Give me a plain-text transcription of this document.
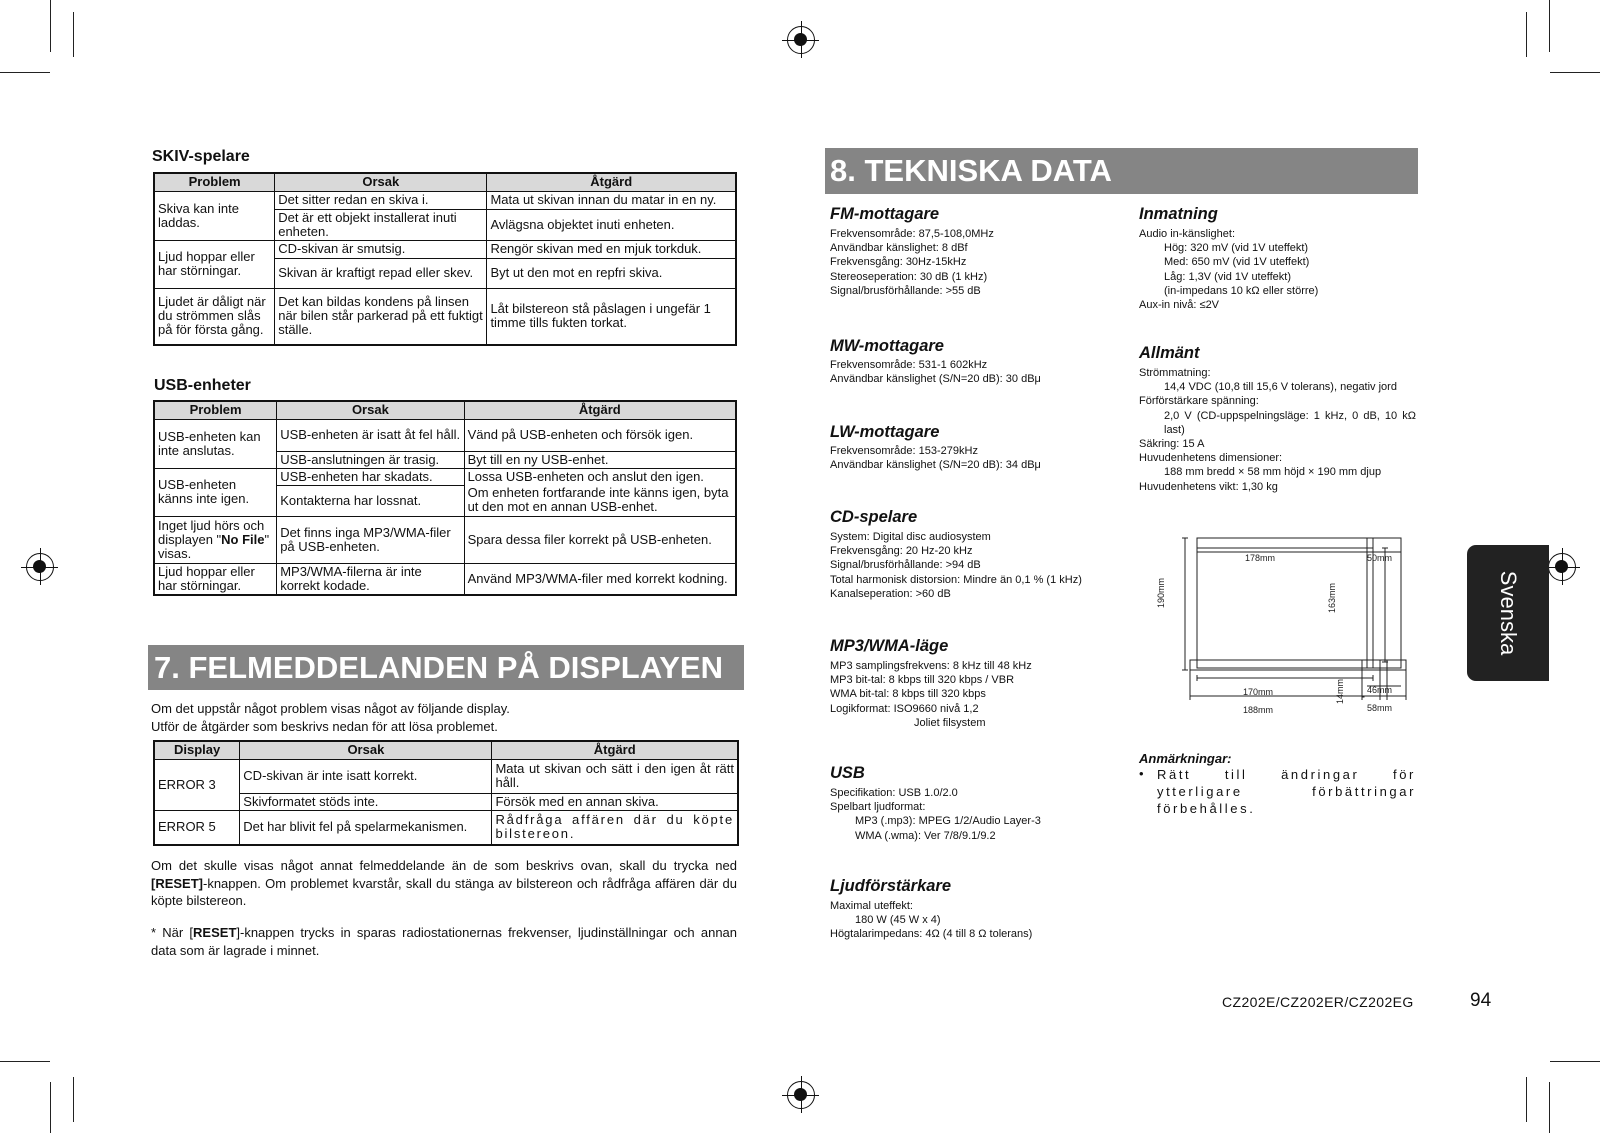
SKIV-spelare
Problem	Orsak	Åtgärd
Skiva kan inte laddas.	Det sitter redan en skiva i.	Mata ut skivan innan du matar in en ny.
	Det är ett objekt installerat inuti enheten.	Avlägsna objektet inuti enheten.
Ljud hoppar eller har störningar.	CD-skivan är smutsig.	Rengör skivan med en mjuk torkduk.
	Skivan är kraftigt repad eller skev.	Byt ut den mot en repfri skiva.
Ljudet är dåligt när du strömmen slås på för första gång.	Det kan bildas kondens på linsen när bilen står parkerad på ett fuktigt ställe.	Låt bilstereon stå påslagen i ungefär 1 timme tills fukten torkat.
USB-enheter
Problem	Orsak	Åtgärd
USB-enheten kan inte anslutas.	USB-enheten är isatt åt fel håll.	Vänd på USB-enheten och försök igen.
	USB-anslutningen är trasig.	Byt till en ny USB-enhet.
USB-enheten känns inte igen.	USB-enheten har skadats.	Lossa USB-enheten och anslut den igen.
	Kontakterna har lossnat.	Om enheten fortfarande inte känns igen, byta ut den mot en annan USB-enhet.
Inget ljud hörs och displayen "No File" visas.	Det finns inga MP3/WMA-filer på USB-enheten.	Spara dessa filer korrekt på USB-enheten.
Ljud hoppar eller har störningar.	MP3/WMA-filerna är inte korrekt kodade.	Använd MP3/WMA-filer med korrekt kodning.
7. FELMEDDELANDEN PÅ DISPLAYEN
Om det uppstår något problem visas något av följande display.
Utför de åtgärder som beskrivs nedan för att lösa problemet.
Display	Orsak	Åtgärd
ERROR 3	CD-skivan är inte isatt korrekt.	Mata ut skivan och sätt i den igen åt rätt håll.
	Skivformatet stöds inte.	Försök med en annan skiva.
ERROR 5	Det har blivit fel på spelarmekanismen.	Rådfråga affären där du köpte bilstereon.
Om det skulle visas något annat felmeddelande än de som beskrivs ovan, skall du trycka ned [RESET]-knappen. Om problemet kvarstår, skall du stänga av bilstereon och rådfråga affären där du köpte bilstereon.
* När [RESET]-knappen trycks in sparas radiostationernas frekvenser, ljudinställningar och annan data som är lagrade i minnet.
8. TEKNISKA DATA
FM-mottagare
Frekvensområde: 87,5-108,0MHz
Användbar känslighet: 8 dBf
Frekvensgång: 30Hz-15kHz
Stereoseperation: 30 dB (1 kHz)
Signal/brusförhållande: >55 dB
MW-mottagare
Frekvensområde: 531-1 602kHz
Användbar känslighet (S/N=20 dB): 30 dBμ
LW-mottagare
Frekvensområde: 153-279kHz
Användbar känslighet (S/N=20 dB): 34 dBμ
CD-spelare
System: Digital disc audiosystem
Frekvensgång: 20 Hz-20 kHz
Signal/brusförhållande: >94 dB
Total harmonisk distorsion: Mindre än 0,1 % (1 kHz)
Kanalseperation: >60 dB
MP3/WMA-läge
MP3 samplingsfrekvens: 8 kHz till 48 kHz
MP3 bit-tal: 8 kbps till 320 kbps / VBR
WMA bit-tal: 8 kbps till 320 kbps
Logikformat: ISO9660 nivå 1,2
Joliet filsystem
USB
Specifikation: USB 1.0/2.0
Spelbart ljudformat:
MP3 (.mp3): MPEG 1/2/Audio Layer-3
WMA (.wma): Ver 7/8/9.1/9.2
Ljudförstärkare
Maximal uteffekt:
180 W (45 W x 4)
Högtalarimpedans: 4Ω (4 till 8 Ω tolerans)
Inmatning
Audio in-känslighet:
Hög: 320 mV (vid 1V uteffekt)
Med: 650 mV (vid 1V uteffekt)
Låg: 1,3V (vid 1V uteffekt)
(in-impedans 10 kΩ eller större)
Aux-in nivå: ≤2V
Allmänt
Strömmatning:
14,4 VDC (10,8 till 15,6 V tolerans), negativ jord
Förförstärkare spänning:
2,0 V (CD-uppspelningsläge: 1 kHz, 0 dB, 10 kΩ last)
Säkring: 15 A
Huvudenhetens dimensioner:
188 mm bredd × 58 mm höjd × 190 mm djup
Huvudenhetens vikt: 1,30 kg
178mm
170mm
188mm
190mm	163mm
14mm
50mm
46mm
58mm
Anmärkningar:
• Rätt till ändringar för ytterligare förbättringar förbehålles.
Svenska
CZ202E/CZ202ER/CZ202EG	94
